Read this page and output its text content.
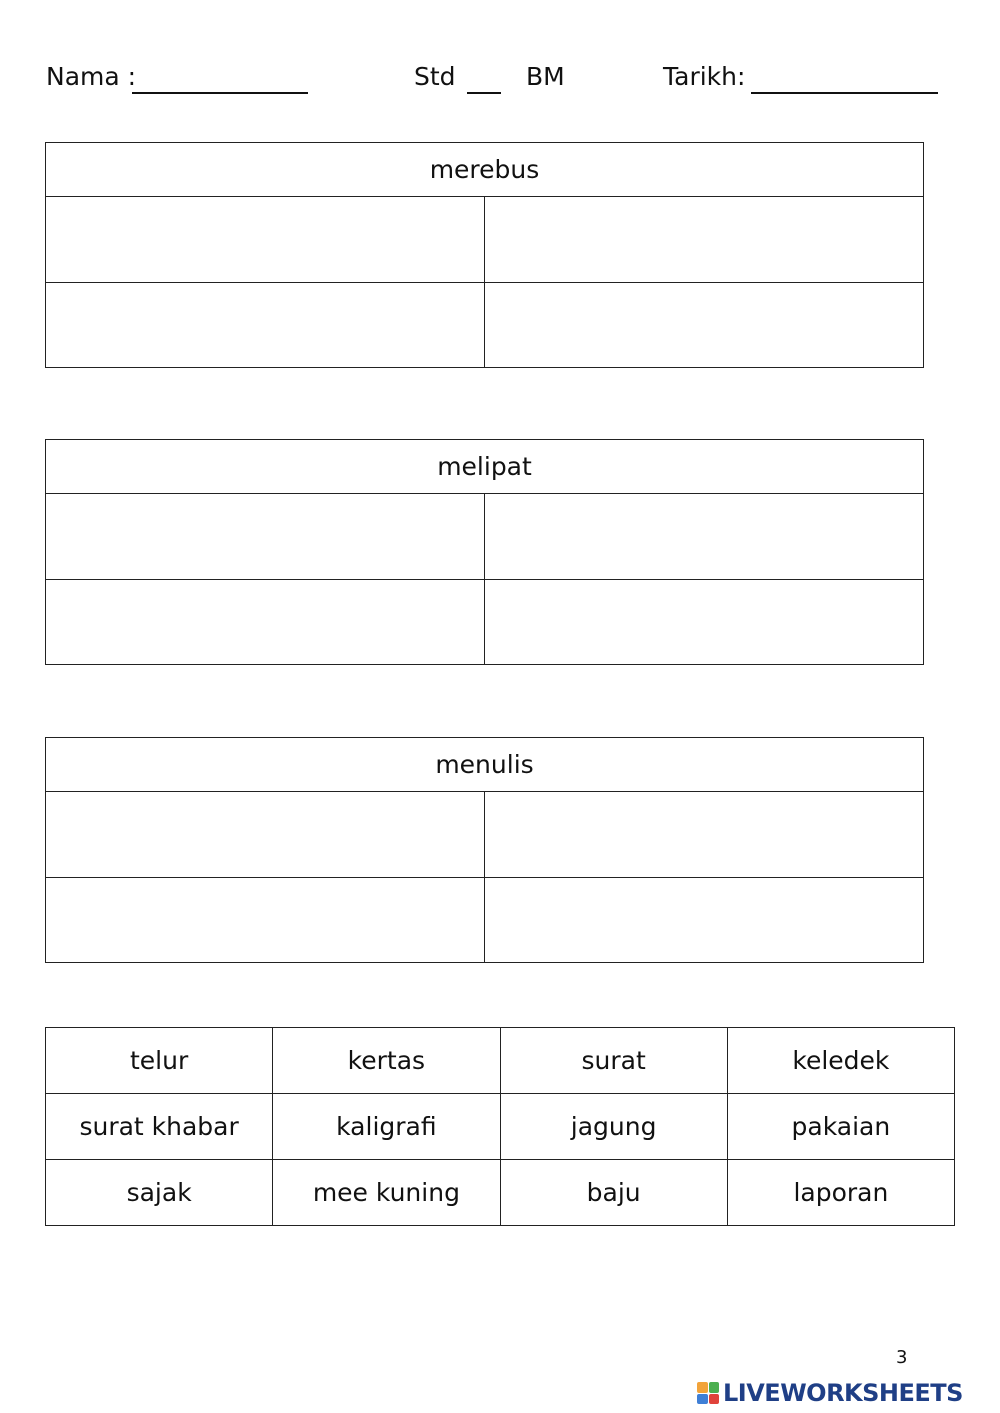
Nama :	Std	BM	Tarikh:
merebus
melipat
menulis
telur	kertas	surat	keledek
surat khabar	kaligrafi	jagung	pakaian
sajak	mee kuning	baju	laporan
3
LIVEWORKSHEETS
